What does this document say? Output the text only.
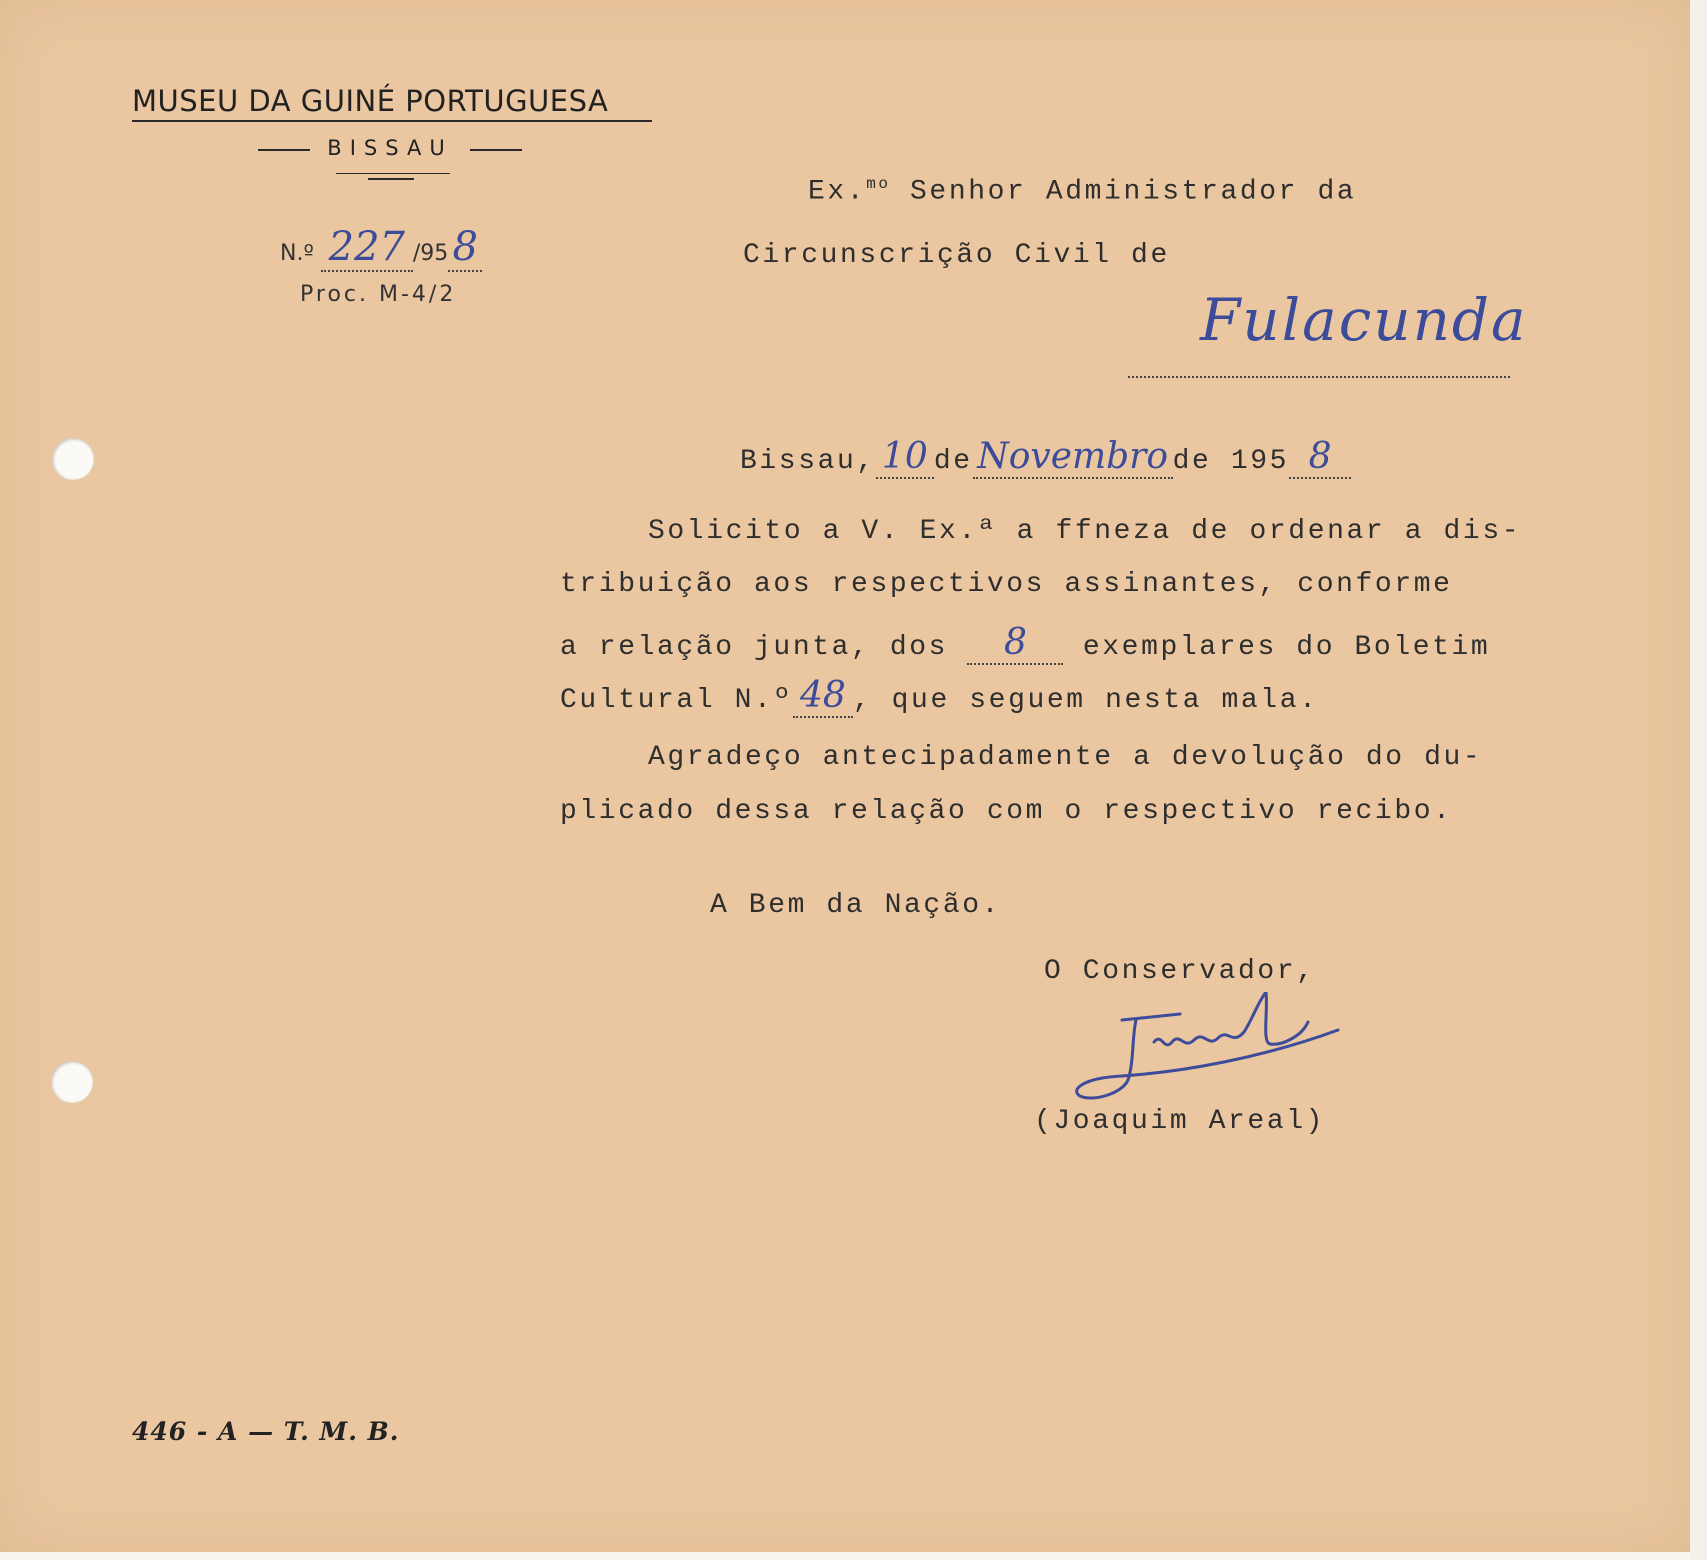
MUSEU DA GUINÉ PORTUGUESA
BISSAU
N.º 227 /95 8
Proc. M-4/2
Ex.$^{mo}$ Senhor Administrador da
Circunscrição Civil de
Fulacunda
Bissau, 10 de Novembro de 195 8
Solicito a V. Ex.ª a ffneza de ordenar a dis-
tribuição aos respectivos assinantes, conforme
a relação junta, dos 8 exemplares do Boletim
Cultural N.º 48 , que seguem nesta mala.
Agradeço antecipadamente a devolução do du-
plicado dessa relação com o respectivo recibo.
A Bem da Nação.
O Conservador,
(Joaquim Areal)
446 - A — T. M. B.
